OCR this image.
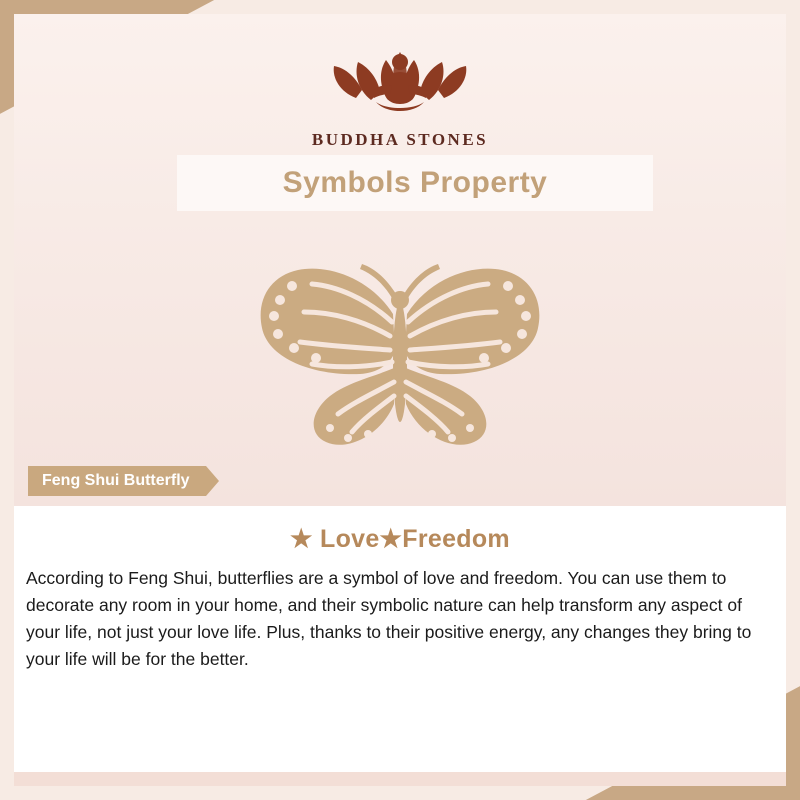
BUDDHA STONES
Symbols Property
Feng Shui Butterfly
★ Love★Freedom

According to Feng Shui, butterflies are a symbol of love and freedom. You can use them to decorate any room in your home, and their symbolic nature can help transform any aspect of your life, not just your love life. Plus, thanks to their positive energy, any changes they bring to your life will be for the better.
